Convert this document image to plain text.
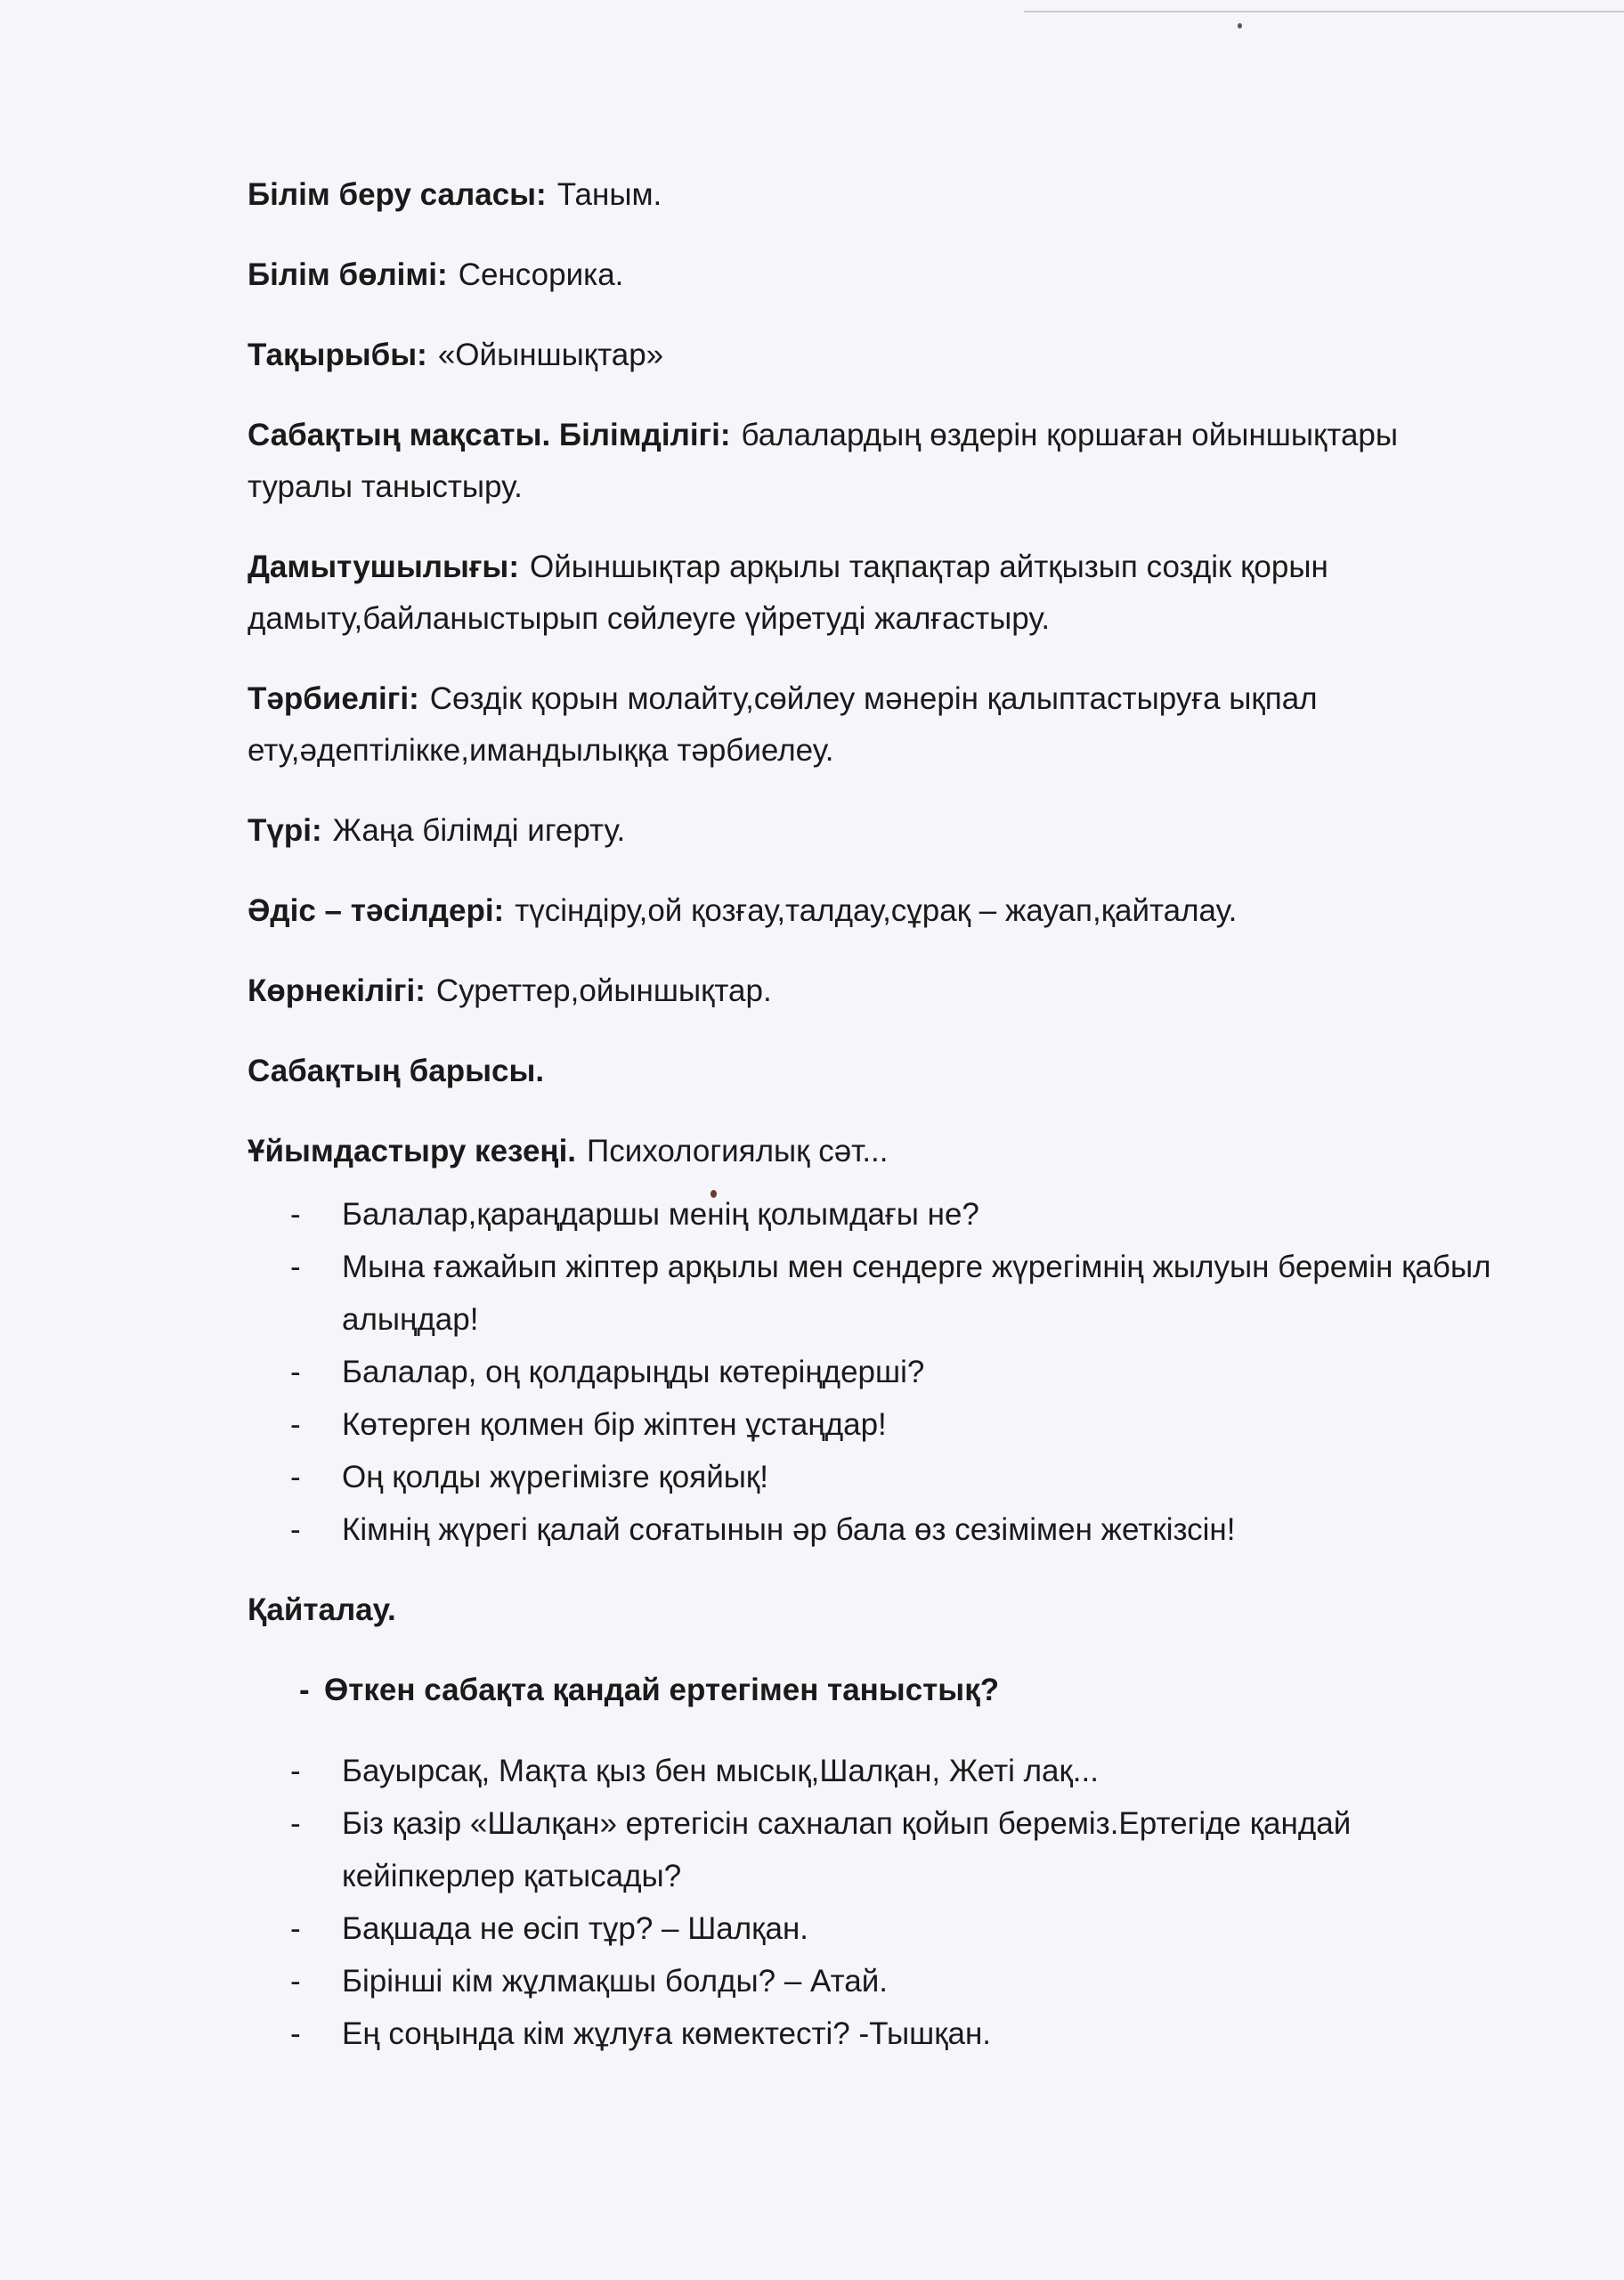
Білім беру саласы: Таным.

Білім бөлімі: Сенсорика.

Тақырыбы: «Ойыншықтар»

Сабақтың мақсаты. Білімділігі: балалардың өздерін қоршаған ойыншықтары туралы таныстыру.

Дамытушылығы: Ойыншықтар арқылы тақпақтар айтқызып создік қорын дамыту,байланыстырып сөйлеуге үйретуді жалғастыру.

Тәрбиелігі: Сөздік қорын молайту,сөйлеу мәнерін қалыптастыруға ықпал ету,әдептілікке,имандылыққа тәрбиелеу.

Түрі: Жаңа білімді игерту.

Әдіс – тәсілдері: түсіндіру,ой қозғау,талдау,сұрақ – жауап,қайталау.

Көрнекілігі: Суреттер,ойыншықтар.

Сабақтың барысы.

Ұйымдастыру кезеңі. Психологиялық сәт...

- Балалар,қараңдаршы менің қолымдағы не?
- Мына ғажайып жіптер арқылы мен сендерге жүрегімнің жылуын беремін қабыл алыңдар!
- Балалар, оң қолдарыңды көтеріңдерші?
- Көтерген қолмен бір жіптен ұстаңдар!
- Оң қолды жүрегімізге қояйық!
- Кімнің жүрегі қалай соғатынын әр бала өз сезімімен жеткізсін!

Қайталау.

- Өткен сабақта қандай ертегімен таныстық?

- Бауырсақ, Мақта қыз бен мысық,Шалқан, Жеті лақ...
- Біз қазір «Шалқан» ертегісін сахналап қойып береміз.Ертегіде қандай кейіпкерлер қатысады?
- Бақшада не өсіп тұр? – Шалқан.
- Бірінші кім жұлмақшы болды? – Атай.
- Ең соңында кім жұлуға көмектесті? -Тышқан.
